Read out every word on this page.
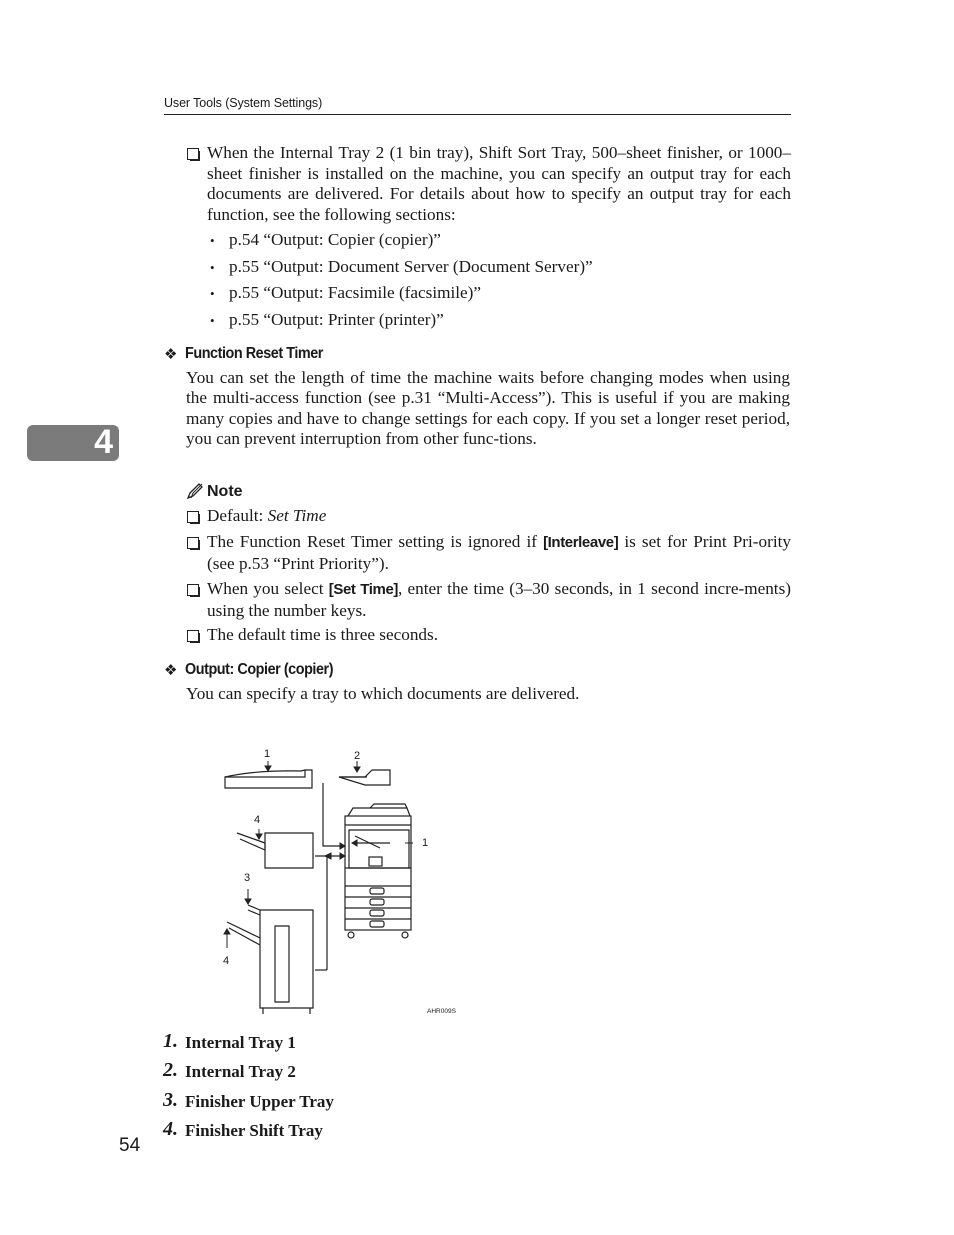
User Tools (System Settings)
4
When the Internal Tray 2 (1 bin tray), Shift Sort Tray, 500–sheet finisher, or 1000–sheet finisher is installed on the machine, you can specify an output tray for each documents are delivered. For details about how to specify an output tray for each function, see the following sections:
• p.54 “Output: Copier (copier)”
• p.55 “Output: Document Server (Document Server)”
• p.55 “Output: Facsimile (facsimile)”
• p.55 “Output: Printer (printer)”
❖ Function Reset Timer
You can set the length of time the machine waits before changing modes when using the multi-access function (see p.31 “Multi-Access”). This is useful if you are making many copies and have to change settings for each copy. If you set a longer reset period, you can prevent interruption from other func-tions.
Note
Default: Set Time
The Function Reset Timer setting is ignored if [Interleave] is set for Print Pri-ority (see p.53 “Print Priority”).
When you select [Set Time], enter the time (3–30 seconds, in 1 second incre-ments) using the number keys.
The default time is three seconds.
❖ Output: Copier (copier)
You can specify a tray to which documents are delivered.
1	2
4
1
3
4
AHR009S
1. Internal Tray 1
2. Internal Tray 2
3. Finisher Upper Tray
4. Finisher Shift Tray
54
